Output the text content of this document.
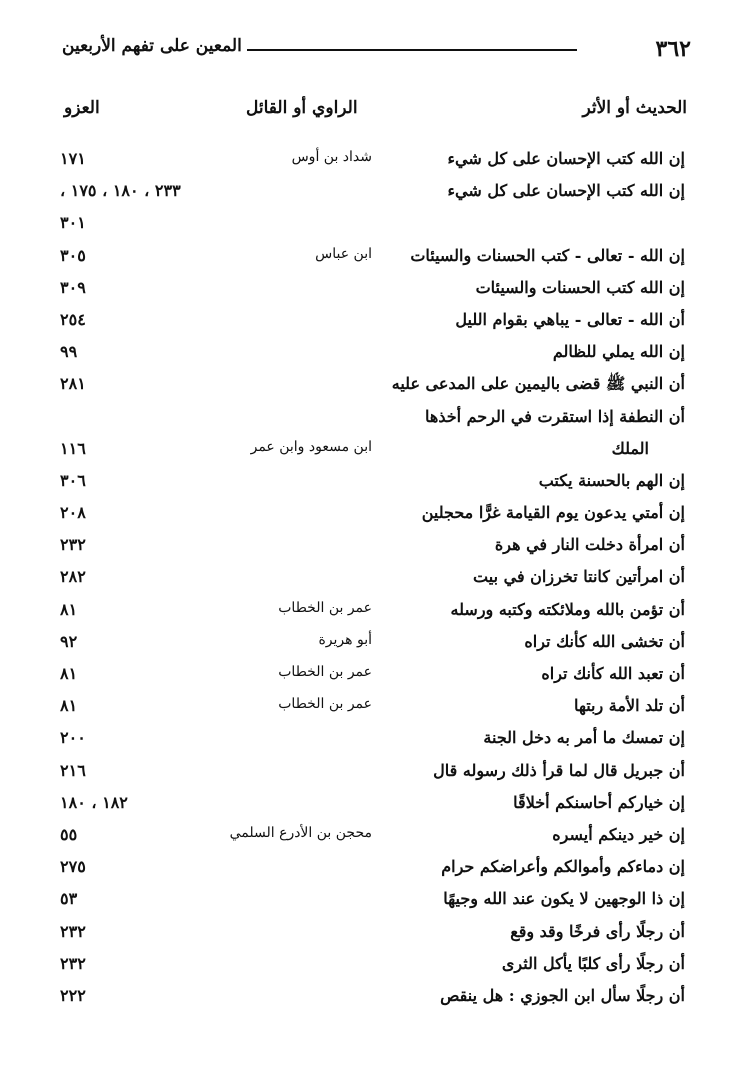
٣٦٢
المعين على تفهم الأربعين
الحديث أو الأثر
الراوي أو القائل
العزو
إن الله كتب الإحسان على كل شيء
شداد بن أوس
١٧١
إن الله كتب الإحسان على كل شيء
٢٣٣ ، ١٨٠ ، ١٧٥ ،
٣٠١
إن الله - تعالى - كتب الحسنات والسيئات
ابن عباس
٣٠٥
إن الله كتب الحسنات والسيئات
٣٠٩
أن الله - تعالى - يباهي بقوام الليل
٢٥٤
إن الله يملي للظالم
٩٩
أن النبي ﷺ قضى باليمين على المدعى عليه
٢٨١
أن النطفة إذا استقرت في الرحم أخذها
الملك
ابن مسعود وابن عمر
١١٦
إن الهم بالحسنة يكتب
٣٠٦
إن أمتي يدعون يوم القيامة غرًّا محجلين
٢٠٨
أن امرأة دخلت النار في هرة
٢٣٢
أن امرأتين كانتا تخرزان في بيت
٢٨٢
أن تؤمن بالله وملائكته وكتبه ورسله
عمر بن الخطاب
٨١
أن تخشى الله كأنك تراه
أبو هريرة
٩٢
أن تعبد الله كأنك تراه
عمر بن الخطاب
٨١
أن تلد الأمة ربتها
عمر بن الخطاب
٨١
إن تمسك ما أمر به دخل الجنة
٢٠٠
أن جبريل قال لما قرأ ذلك رسوله قال
٢١٦
إن خياركم أحاسنكم أخلاقًا
١٨٢ ، ١٨٠
إن خير دينكم أيسره
محجن بن الأدرع السلمي
٥٥
إن دماءكم وأموالكم وأعراضكم حرام
٢٧٥
إن ذا الوجهين لا يكون عند الله وجيهًا
٥٣
أن رجلًا رأى فرخًا وقد وقع
٢٣٢
أن رجلًا رأى كلبًا يأكل الثرى
٢٣٢
أن رجلًا سأل ابن الجوزي : هل ينقص
٢٢٢
